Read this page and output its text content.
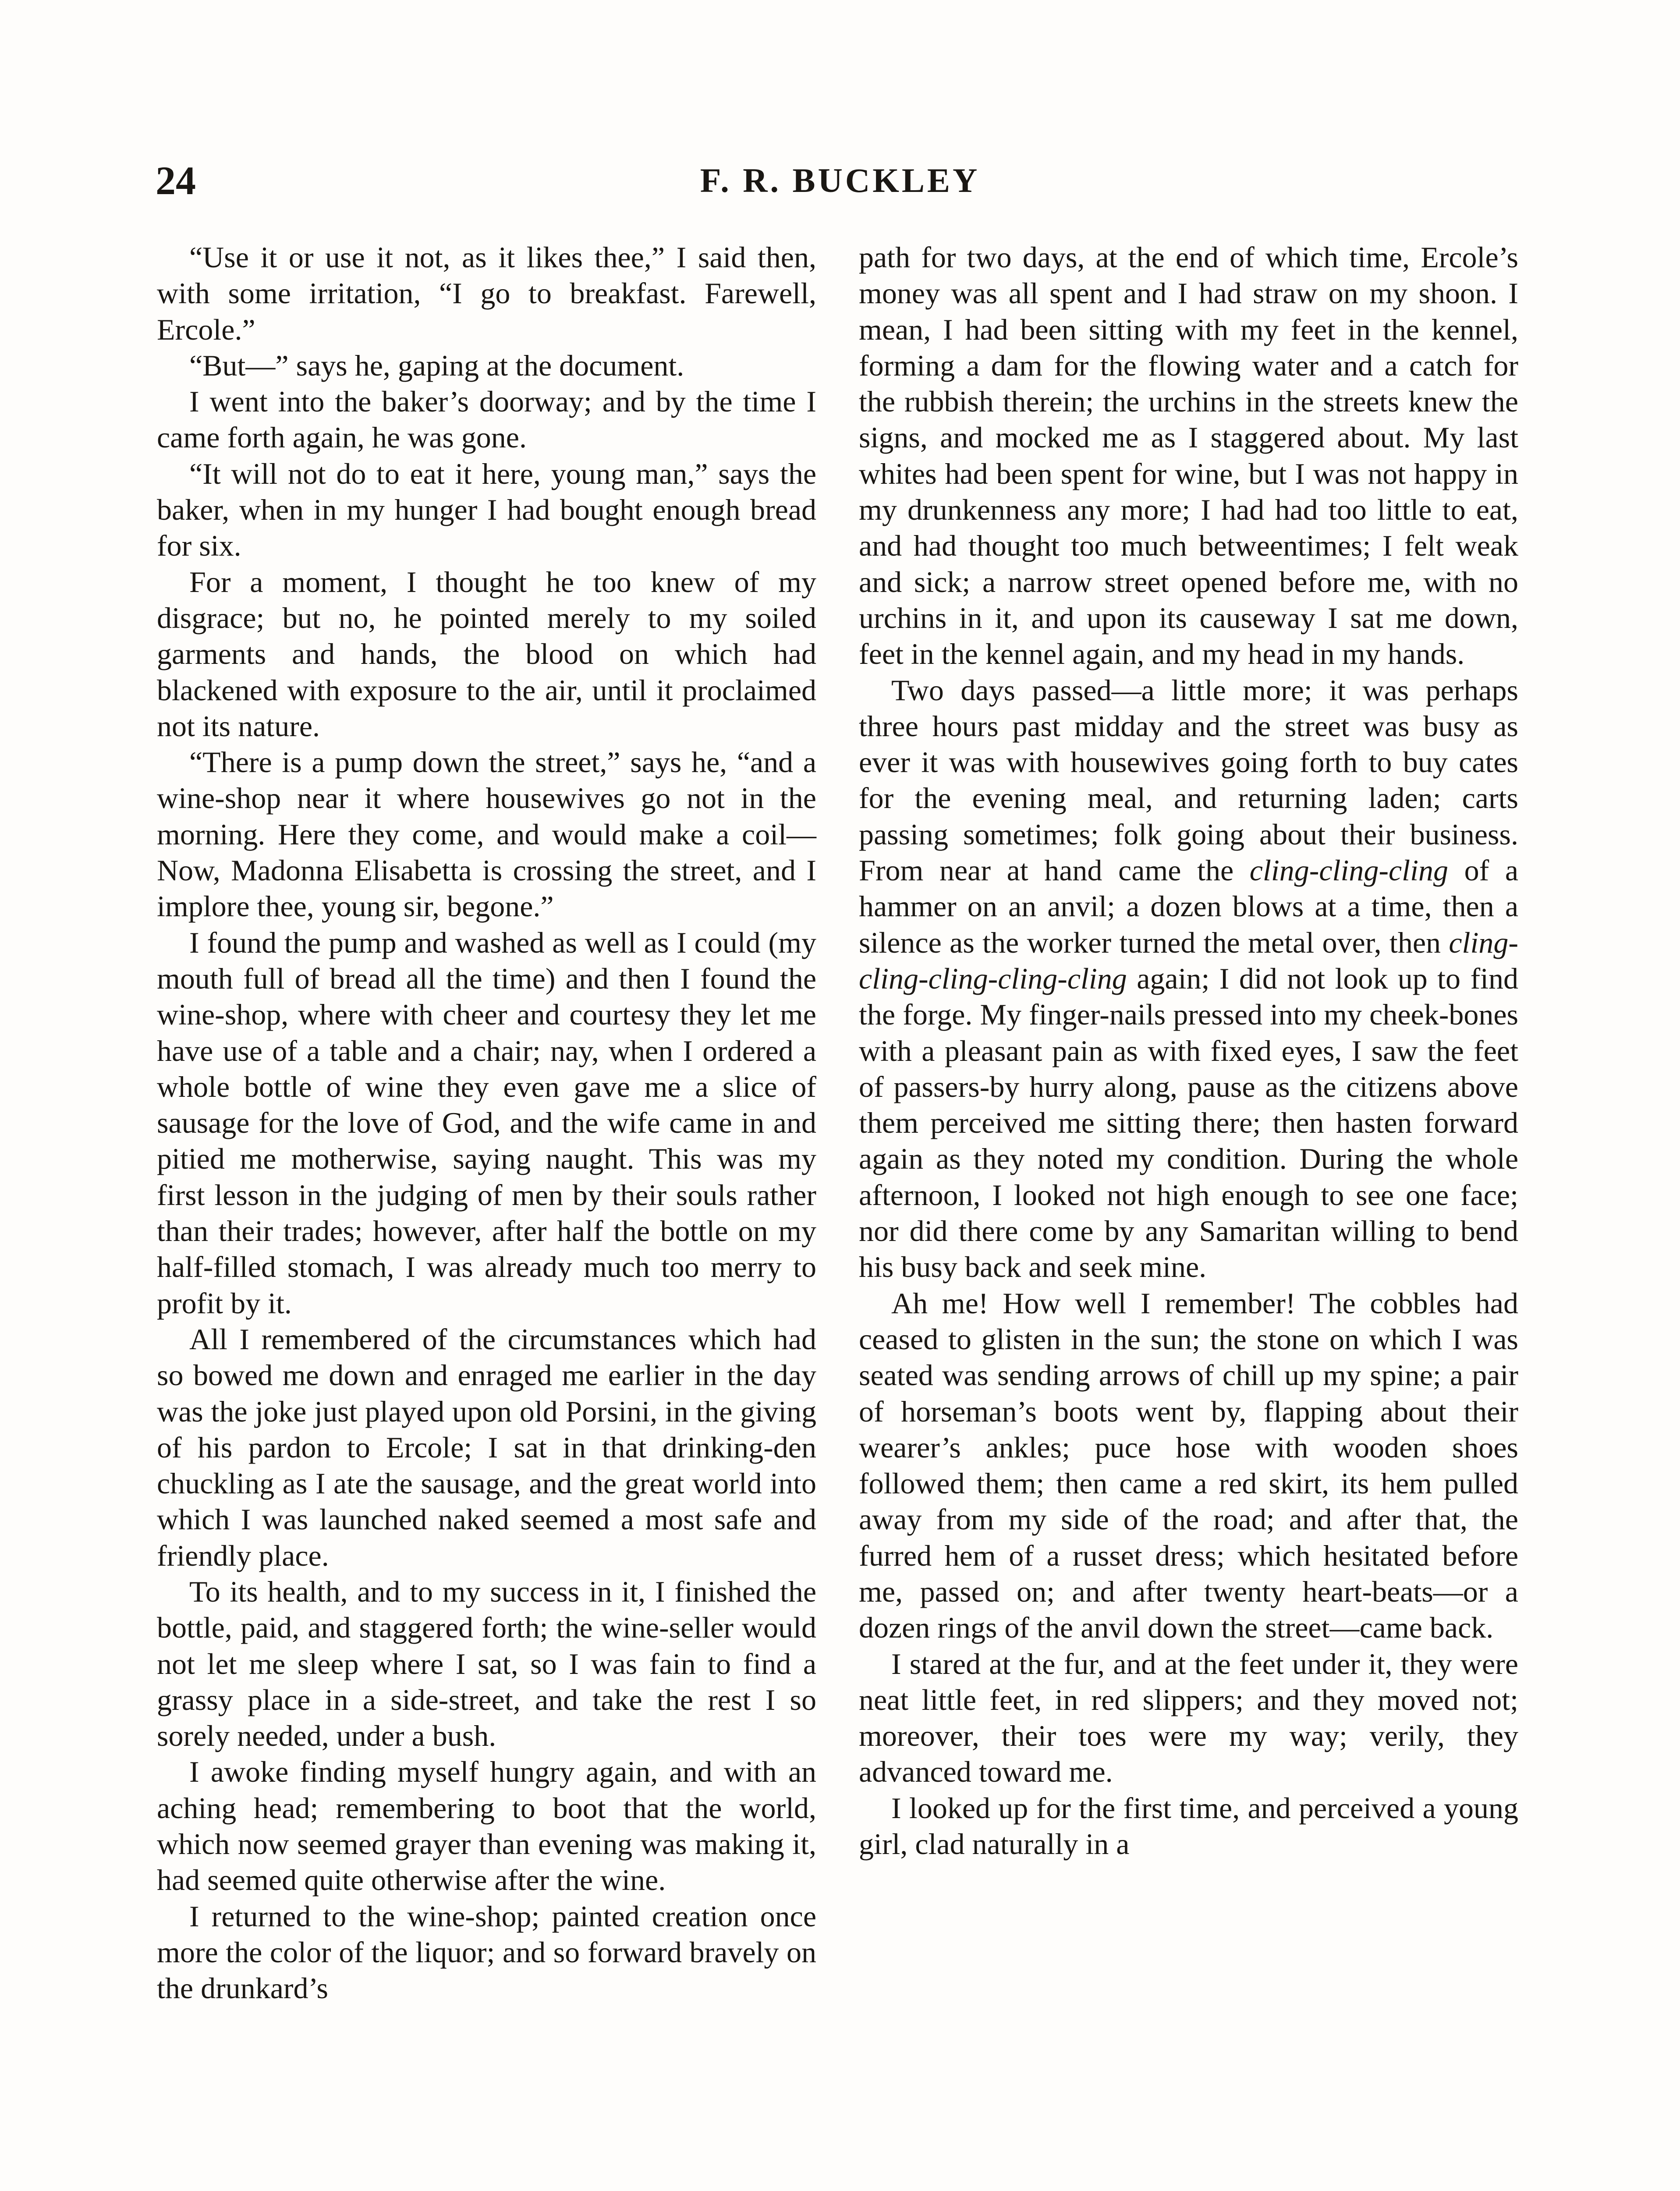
24	F. R. BUCKLEY

“Use it or use it not, as it likes thee,” I said then, with some irritation, “I go to breakfast. Farewell, Ercole.”

“But—” says he, gaping at the document.

I went into the baker’s doorway; and by the time I came forth again, he was gone.

“It will not do to eat it here, young man,” says the baker, when in my hunger I had bought enough bread for six.

For a moment, I thought he too knew of my disgrace; but no, he pointed merely to my soiled garments and hands, the blood on which had blackened with exposure to the air, until it proclaimed not its nature.

“There is a pump down the street,” says he, “and a wine-shop near it where housewives go not in the morning. Here they come, and would make a coil— Now, Madonna Elisabetta is crossing the street, and I implore thee, young sir, begone.”

I found the pump and washed as well as I could (my mouth full of bread all the time) and then I found the wine-shop, where with cheer and courtesy they let me have use of a table and a chair; nay, when I ordered a whole bottle of wine they even gave me a slice of sausage for the love of God, and the wife came in and pitied me motherwise, saying naught. This was my first lesson in the judging of men by their souls rather than their trades; however, after half the bottle on my half-filled stomach, I was already much too merry to profit by it.

All I remembered of the circumstances which had so bowed me down and enraged me earlier in the day was the joke just played upon old Porsini, in the giving of his pardon to Ercole; I sat in that drinking-den chuckling as I ate the sausage, and the great world into which I was launched naked seemed a most safe and friendly place.

To its health, and to my success in it, I finished the bottle, paid, and staggered forth; the wine-seller would not let me sleep where I sat, so I was fain to find a grassy place in a side-street, and take the rest I so sorely needed, under a bush.

I awoke finding myself hungry again, and with an aching head; remembering to boot that the world, which now seemed grayer than evening was making it, had seemed quite otherwise after the wine.

I returned to the wine-shop; painted creation once more the color of the liquor; and so forward bravely on the drunkard’s

path for two days, at the end of which time, Ercole’s money was all spent and I had straw on my shoon. I mean, I had been sitting with my feet in the kennel, forming a dam for the flowing water and a catch for the rubbish therein; the urchins in the streets knew the signs, and mocked me as I staggered about. My last whites had been spent for wine, but I was not happy in my drunkenness any more; I had had too little to eat, and had thought too much betweentimes; I felt weak and sick; a narrow street opened before me, with no urchins in it, and upon its causeway I sat me down, feet in the kennel again, and my head in my hands.

Two days passed—a little more; it was perhaps three hours past midday and the street was busy as ever it was with housewives going forth to buy cates for the evening meal, and returning laden; carts passing sometimes; folk going about their business. From near at hand came the cling-cling-cling of a hammer on an anvil; a dozen blows at a time, then a silence as the worker turned the metal over, then cling-cling-cling-cling-cling again; I did not look up to find the forge. My finger-nails pressed into my cheek-bones with a pleasant pain as with fixed eyes, I saw the feet of passers-by hurry along, pause as the citizens above them perceived me sitting there; then hasten forward again as they noted my condition. During the whole afternoon, I looked not high enough to see one face; nor did there come by any Samaritan willing to bend his busy back and seek mine.

Ah me! How well I remember! The cobbles had ceased to glisten in the sun; the stone on which I was seated was sending arrows of chill up my spine; a pair of horseman’s boots went by, flapping about their wearer’s ankles; puce hose with wooden shoes followed them; then came a red skirt, its hem pulled away from my side of the road; and after that, the furred hem of a russet dress; which hesitated before me, passed on; and after twenty heart-beats—or a dozen rings of the anvil down the street—came back.

I stared at the fur, and at the feet under it, they were neat little feet, in red slippers; and they moved not; moreover, their toes were my way; verily, they advanced toward me.

I looked up for the first time, and perceived a young girl, clad naturally in a
